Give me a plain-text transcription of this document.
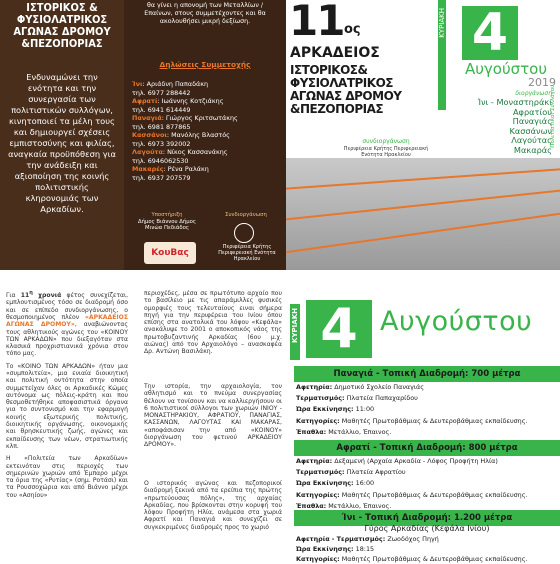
ΙΣΤΟΡΙΚΟΣ &
ΦΥΣΙΟΛΑΤΡΙΚΟΣ
ΑΓΩΝΑΣ ΔΡΟΜΟΥ
&ΠΕΖΟΠΟΡΙΑΣ
Ενδυναμώνει την ενότητα και την συνεργασία των πολιτιστικών συλλόγων, κινητοποιεί τα μέλη τους και δημιουργεί σχέσεις εμπιστοσύνης και φιλίας, αναγκαία προϋπόθεση για την ανάδειξη και αξιοποίηση της κοινής πολιτιστικής κληρονομιάς των Αρκαδίων.
θα γίνει η απονομή των Μεταλλίων / Επαίνων, στους συμμετέχοντες και θα ακολουθήσει μικρή δεξίωση.
Δηλώσεις Συμμετοχής
Ίνι: Αριάδνη Παπαδάκη
τηλ. 6977 288442
Αφρατί: Ιωάννης Κοτζιάκης
τηλ. 6941 614449
Παναγιά: Γιώργος Κριτσωτάκης
τηλ. 6981 877865
Κασσάνοι: Μανόλης Βλαστός
τηλ. 6973 392002
Λαγούτα: Νίκος Κασσανάκης
τηλ. 6946062530
Μακαρές: Ρένα Ραλάκη
τηλ. 6937 207579
Υποστήριξη
Δήμος Βιάννου Δήμος Μινώα Πεδιάδος
Συνδιοργάνωση
ΚουΒας
Περιφέρεια Κρήτης Περιφερειακή Ενότητα Ηρακλείου
11 ος
ΑΡΚΑΔΕΙΟΣ
ΙΣΤΟΡΙΚΟΣ&
ΦΥΣΙΟΛΑΤΡΙΚΟΣ
ΑΓΩΝΑΣ ΔΡΟΜΟΥ
&ΠΕΖΟΠΟΡΙΑΣ
ΚΥΡΙΑΚΗ 4
Αυγούστου
2019
διοργάνωση
Ίνι - Μοναστηράκι
Αφρατίου
Παναγιάς
Κασσάνων
Λαγούτας
Μακαράς
Πολιτιστικοί Σύλλογοι
συνδιοργάνωση
Περιφέρεια Κρήτης Περιφερειακή Ενότητα Ηρακλείου
Για $11^\eta$ χρονιά φέτος συνεχίζεται, εμπλουτισμένος τόσο σε διαδρομή όσο και σε επίπεδο συνδιοργάνωσης, ο θεσμοποιημένος πλέον «ΑΡΚΑΔΕΙΟΣ ΑΓΩΝΑΣ ΔΡΟΜΟΥ», αναβιώνοντας τους αθλητικούς αγώνες του «ΚΟΙΝΟΥ ΤΩΝ ΑΡΚΑΔΩΝ» που διεξαγόταν στα κλασικά προχριστιανικά χρόνια στον τόπο μας.
Το «ΚΟΙΝΟ ΤΩΝ ΑΡΚΑΔΩΝ» ήταν μια «συμπολιτεία», μια ενιαία διοικητική και πολιτική οντότητα στην οποία συμμετείχαν όλες οι Αρκαδικές Κώμες αυτόνομα ως πόλεις-κράτη και που θεσμοθετήθηκε αποφασιστικά όργανα για το συντονισμό και την εφαρμογή κοινής εξωτερικής πολιτικής, διοικητικής οργάνωσης, οικονομικής και θρησκευτικής ζωής, αγώνες και εκπαίδευσης των νέων, στρατιωτικής κλπ.
Η «Πολιτεία των Αρκαδίων» εκτεινόταν στις περιοχές των σημερινών χωριών από Έμπαρο μέχρι τα όρια της «Ρυτίας» (σημ. Ροτάσι) και τα Ρουσσοχώρια και από Βιάννο μέχρι του «Ασηίου»
περιοχέδες, μέσα σε πρωτότυπο αρχαίο που το βασίλειο με τις απαράμιλλες φυσικές ομορφιές τους τελευταίους ειναι σήμερα πηγή για την περιφέρεια του Ινίου όπου επίσης στα ανατολικά του λόφου «Κεφάλα» ανακάλυψε το 2001 ο αποκοπικός νάος της πρωτοβυζαντινής Αρκαδίας (6ου μ.χ. αιώνας) από τον Αρχαιολόγο – ανασκαφέα Δρ. Αντώνη Βασιλάκη.
Την ιστορία, την αρχαιολογία, τον αθλητισμό και το πνεύμα συνεργασίας θέλουν να τονίσουν και να καλλιεργήσουν οι 6 πολιτιστικοί σύλλογοι των χωριών ΙΝΙΟΥ - ΜΟΝΑΣΤΗΡΑΚΙΟΥ, ΑΦΡΑΤΙΟΥ, ΠΑΝΑΓΙΑΣ, ΚΑΣΣΑΝΩΝ, ΛΑΓΟΥΤΑΣ ΚΑΙ ΜΑΚΑΡΑΣ, «αποφάσισαν την από «ΚΟΙΝΟΥ» διοργάνωση του φετινού ΑΡΚΑΔΕΙΟΥ ΔΡΟΜΟΥ».
Ο ιστορικός αγώνας και πεζοπορικοί διαδρομή ξεκινά από τα ερείπια της πρώτης «πρωτεύουσας πόλης», της αρχαίας Αρκαδίας, που βρίσκονται στην κορυφή του λόφου Προφήτη Ηλία, ανάμεσα στα χωριά Αφρατί και Παναγιά και συνεχίζει σε συγκεκριμένες διαδρομές προς το χωριό
ΚΥΡΙΑΚΗ 4 Αυγούστου
Παναγιά - Τοπική Διαδρομή: 700 μέτρα
Αφετηρία: Δημοτικό Σχολείο Παναγιάς
Τερματισμός: Πλατεία Παπαχαρίδου
Ώρα Εκκίνησης: 11:00
Κατηγορίες: Μαθητές Πρωτοβάθμιας & Δευτεροβάθμιας εκπαίδευσης.
Έπαθλα: Μετάλλιο, Έπαινος.
Αφρατί - Τοπική Διαδρομή: 800 μέτρα
Αφετηρία: Δεξαμενή (Αρχαία Αρκαδία - Λόφος Προφήτη Ηλία)
Τερματισμός: Πλατεία Αφρατίου
Ώρα Εκκίνησης: 16:00
Κατηγορίες: Μαθητές Πρωτοβάθμιας & Δευτεροβάθμιας εκπαίδευσης.
Έπαθλα: Μετάλλιο, Έπαινος.
Ίνι - Τοπική Διαδρομή: 1.200 μέτρα
Γύρος Αρκαδίας (Κεφάλα Ινίου)
Αφετηρία - Τερματισμός: Ζωοδόχος Πηγή
Ώρα Εκκίνησης: 18:15
Κατηγορίες: Μαθητές Πρωτοβάθμιας & Δευτεροβάθμιας εκπαίδευσης.
